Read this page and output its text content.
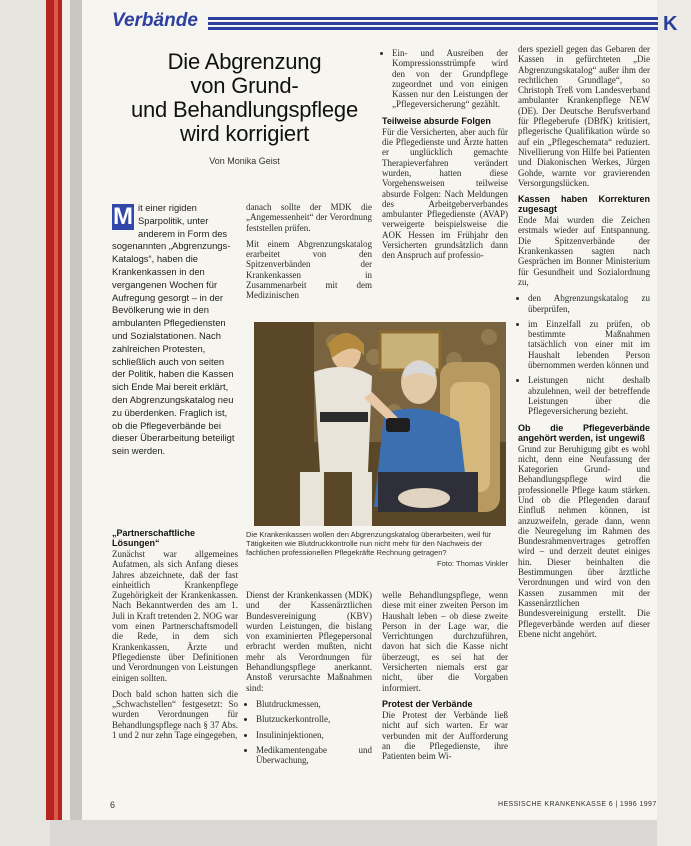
K
Verbände
Die Abgrenzung
von Grund-
und Behandlungspflege
wird korrigiert
Von Monika Geist
M it einer rigiden Sparpolitik, unter anderem in Form des sogenannten „Abgrenzungs-Katalogs“, haben die Krankenkassen in den vergangenen Wochen für Aufregung gesorgt – in der Bevölkerung wie in den ambulanten Pflegediensten und Sozialstationen. Nach zahlreichen Protesten, schließlich auch von seiten der Politik, haben die Kassen sich Ende Mai bereit erklärt, den Abgrenzungskatalog neu zu überdenken. Fraglich ist, ob die Pflegeverbände bei dieser Überarbeitung beteiligt sein werden.

danach sollte der MDK die „Angemessenheit“ der Verordnung feststellen prüfen.

Mit einem Abgrenzungskatalog erarbeitet von den Spitzenverbänden der Krankenkassen in Zusammenarbeit mit dem Medizinischen

• Ein- und Ausreiben der Kompressionsstrümpfe wird den von der Grundpflege zugeordnet und von einigen Kassen nur den Leistungen der „Pflegeversicherung“ gezählt.
Teilweise absurde Folgen

Für die Versicherten, aber auch für die Pflegedienste und Ärzte hatten er unglücklich gemachte Therapieverfahren verändert wurden, hatten diese Vorgehensweisen teilweise absurde Folgen: Nach Meldungen des Arbeitgeberverbandes ambulanter Pflegedienste (AVAP) verweigerte beispielsweise die AOK Hessen im Frühjahr den Versicherten grundsätzlich dann den Anspruch auf professio-

ders speziell gegen das Gebaren der Kassen in gefürchteten „Die Abgrenzungskatalog“ außer ihm der rechtlichen Grundlage“, so Christoph Treß vom Landesverband ambulanter Krankenpflege NEW (DE). Der Deutsche Berufsverband für Pflegeberufe (DBfK) kritisiert, pflegerische Qualifikation würde so auf ein „Pflegeschemata“ reduziert. Nivellierung von Hilfe bei Patienten und Diakonischen Werkes, Jürgen Gohde, warnte vor gravierenden Versorgungslücken.

Kassen haben Korrekturen zugesagt

Ende Mai wurden die Zeichen erstmals wieder auf Entspannung. Die Spitzenverbände der Krankenkassen sagten nach Gesprächen im Bonner Ministerium für Gesundheit und Sozialordnung zu,

• den Abgrenzungskatalog zu überprüfen,
• im Einzelfall zu prüfen, ob bestimmte Maßnahmen tatsächlich von einer mit im Haushalt lebenden Person übernommen werden können und
• Leistungen nicht deshalb abzulehnen, weil der betreffende Leistungen über die Pflegeversicherung bezieht.
Ob die Pflegeverbände angehört werden, ist ungewiß

Grund zur Beruhigung gibt es wohl nicht, denn eine Neufassung der Kategorien Grund- und Behandlungspflege wird die professionelle Pflege kaum stärken. Und ob die Pflegenden darauf Einfluß nehmen können, ist anzuzweifeln, gerade dann, wenn die Neuregelung im Rahmen des Bundesrahmenvertrages getroffen wird – und derzeit deutet einiges hin. Dieser beinhalten die Bestimmungen über ärztliche Verordnungen und wird von den Kassen zusammen mit der Kassenärztlichen Bundesvereinigung erstellt. Die Pflegeverbände werden auf dieser Ebene nicht angehört.

Die Krankenkassen wollen den Abgrenzungskatalog überarbeiten, weil für Tätigkeiten wie Blutdruckkontrolle nun nicht mehr für den Nachweis der fachlichen professionellen Pflegekräfte Rechnung getragen?
Foto: Thomas Vinkler
„Partnerschaftliche Lösungen“

Zunächst war allgemeines Aufatmen, als sich Anfang dieses Jahres abzeichnete, daß der fast einheitlich Krankenpflege Zugehörigkeit der Krankenkassen. Nach Bekanntwerden des am 1. Juli in Kraft tretenden 2. NOG war vom einen Partnerschaftsmodell die Rede, in dem sich Krankenkassen, Ärzte und Pflegedienste über Definitionen und Verordnungen von Leistungen einigen sollten.

Doch bald schon hatten sich die „Schwachstellen“ festgesetzt: So wurden Verordnungen für Behandlungspflege nach § 37 Abs. 1 und 2 nur zehn Tage eingegeben,

Dienst der Krankenkassen (MDK) und der Kassenärztlichen Bundesvereinigung (KBV) wurden Leistungen, die bislang von examinierten Pflegepersonal erbracht werden mußten, nicht mehr als Verordnungen für Behandlungspflege anerkannt. Anstoß verursachte Maßnahmen sind:

• Blutdruckmessen,
• Blutzuckerkontrolle,
• Insulininjektionen,
• Medikamentengabe und Überwachung,

welle Behandlungspflege, wenn diese mit einer zweiten Person im Haushalt leben – ob diese zweite Person in der Lage war, die Verrichtungen durchzuführen, davon hat sich die Kasse nicht überzeugt, es sei hat der Versicherten niemals erst gar nicht, über die Vorgaben informiert.

Protest der Verbände

Die Protest der Verbände ließ nicht auf sich warten. Er war verbunden mit der Aufforderung an die Pflegedienste, ihre Patienten beim Wi-

6	HESSISCHE KRANKENKASSE 6 | 1996 1997
